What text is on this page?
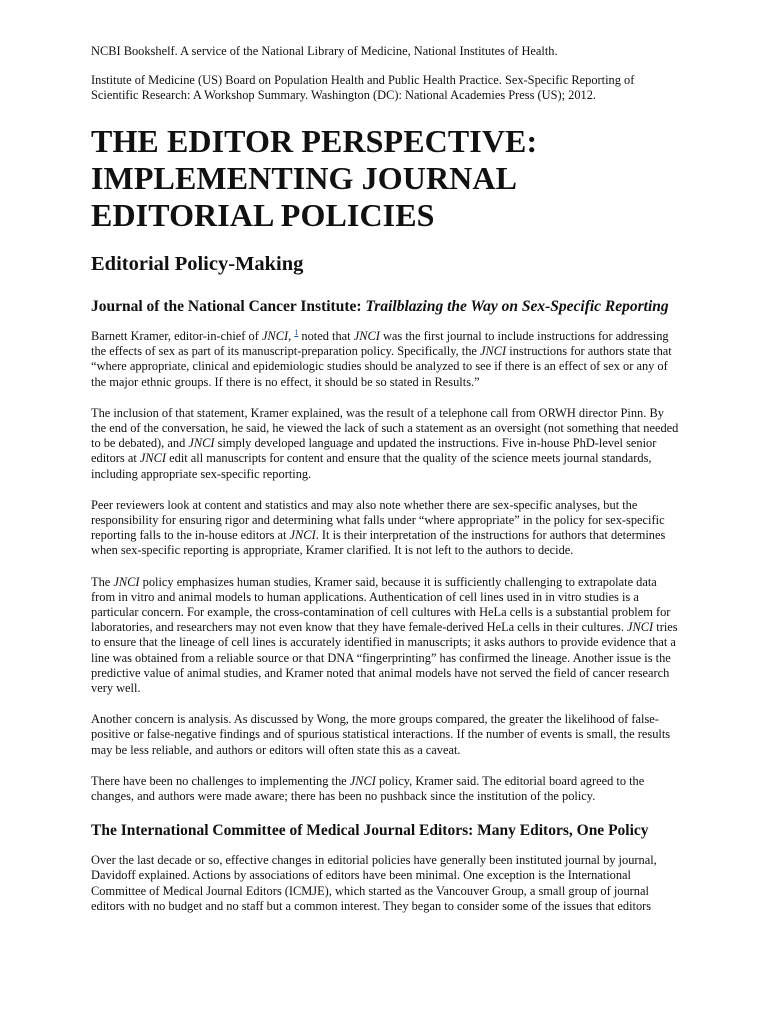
NCBI Bookshelf. A service of the National Library of Medicine, National Institutes of Health.

Institute of Medicine (US) Board on Population Health and Public Health Practice. Sex-Specific Reporting of Scientific Research: A Workshop Summary. Washington (DC): National Academies Press (US); 2012.

THE EDITOR PERSPECTIVE: IMPLEMENTING JOURNAL EDITORIAL POLICIES
Editorial Policy-Making
Journal of the National Cancer Institute: Trailblazing the Way on Sex-Specific Reporting

Barnett Kramer, editor-in-chief of JNCI, $^1$ noted that JNCI was the first journal to include instructions for addressing the effects of sex as part of its manuscript-preparation policy. Specifically, the JNCI instructions for authors state that “where appropriate, clinical and epidemiologic studies should be analyzed to see if there is an effect of sex or any of the major ethnic groups. If there is no effect, it should be so stated in Results.”

The inclusion of that statement, Kramer explained, was the result of a telephone call from ORWH director Pinn. By the end of the conversation, he said, he viewed the lack of such a statement as an oversight (not something that needed to be debated), and JNCI simply developed language and updated the instructions. Five in-house PhD-level senior editors at JNCI edit all manuscripts for content and ensure that the quality of the science meets journal standards, including appropriate sex-specific reporting.

Peer reviewers look at content and statistics and may also note whether there are sex-specific analyses, but the responsibility for ensuring rigor and determining what falls under “where appropriate” in the policy for sex-specific reporting falls to the in-house editors at JNCI. It is their interpretation of the instructions for authors that determines when sex-specific reporting is appropriate, Kramer clarified. It is not left to the authors to decide.

The JNCI policy emphasizes human studies, Kramer said, because it is sufficiently challenging to extrapolate data from in vitro and animal models to human applications. Authentication of cell lines used in in vitro studies is a particular concern. For example, the cross-contamination of cell cultures with HeLa cells is a substantial problem for laboratories, and researchers may not even know that they have female-derived HeLa cells in their cultures. JNCI tries to ensure that the lineage of cell lines is accurately identified in manuscripts; it asks authors to provide evidence that a line was obtained from a reliable source or that DNA “fingerprinting” has confirmed the lineage. Another issue is the predictive value of animal studies, and Kramer noted that animal models have not served the field of cancer research very well.

Another concern is analysis. As discussed by Wong, the more groups compared, the greater the likelihood of false-positive or false-negative findings and of spurious statistical interactions. If the number of events is small, the results may be less reliable, and authors or editors will often state this as a caveat.

There have been no challenges to implementing the JNCI policy, Kramer said. The editorial board agreed to the changes, and authors were made aware; there has been no pushback since the institution of the policy.

The International Committee of Medical Journal Editors: Many Editors, One Policy

Over the last decade or so, effective changes in editorial policies have generally been instituted journal by journal, Davidoff explained. Actions by associations of editors have been minimal. One exception is the International Committee of Medical Journal Editors (ICMJE), which started as the Vancouver Group, a small group of journal editors with no budget and no staff but a common interest. They began to consider some of the issues that editors
